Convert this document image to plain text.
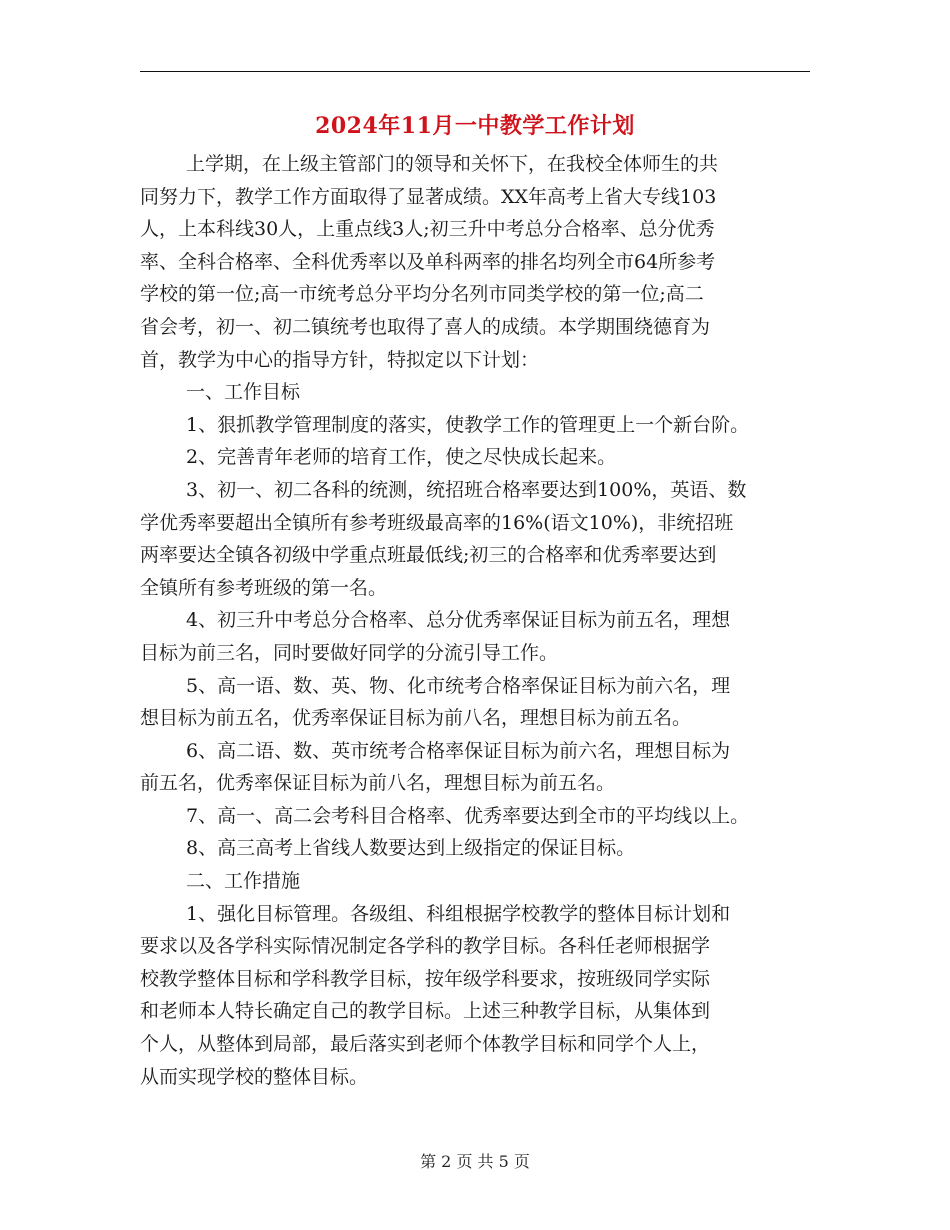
2024年11月一中教学工作计划
上学期，在上级主管部门的领导和关怀下，在我校全体师生的共
同努力下，教学工作方面取得了显著成绩。XX年高考上省大专线103
人，上本科线30人，上重点线3人;初三升中考总分合格率、总分优秀
率、全科合格率、全科优秀率以及单科两率的排名均列全市64所参考
学校的第一位;高一市统考总分平均分名列市同类学校的第一位;高二
省会考，初一、初二镇统考也取得了喜人的成绩。本学期围绕德育为
首，教学为中心的指导方针，特拟定以下计划：
一、工作目标
1、狠抓教学管理制度的落实，使教学工作的管理更上一个新台阶。
2、完善青年老师的培育工作，使之尽快成长起来。
3、初一、初二各科的统测，统招班合格率要达到100%，英语、数
学优秀率要超出全镇所有参考班级最高率的16%(语文10%)，非统招班
两率要达全镇各初级中学重点班最低线;初三的合格率和优秀率要达到
全镇所有参考班级的第一名。
4、初三升中考总分合格率、总分优秀率保证目标为前五名，理想
目标为前三名，同时要做好同学的分流引导工作。
5、高一语、数、英、物、化市统考合格率保证目标为前六名，理
想目标为前五名，优秀率保证目标为前八名，理想目标为前五名。
6、高二语、数、英市统考合格率保证目标为前六名，理想目标为
前五名，优秀率保证目标为前八名，理想目标为前五名。
7、高一、高二会考科目合格率、优秀率要达到全市的平均线以上。
8、高三高考上省线人数要达到上级指定的保证目标。
二、工作措施
1、强化目标管理。各级组、科组根据学校教学的整体目标计划和
要求以及各学科实际情况制定各学科的教学目标。各科任老师根据学
校教学整体目标和学科教学目标，按年级学科要求，按班级同学实际
和老师本人特长确定自己的教学目标。上述三种教学目标，从集体到
个人，从整体到局部，最后落实到老师个体教学目标和同学个人上，
从而实现学校的整体目标。
第 2 页 共 5 页
